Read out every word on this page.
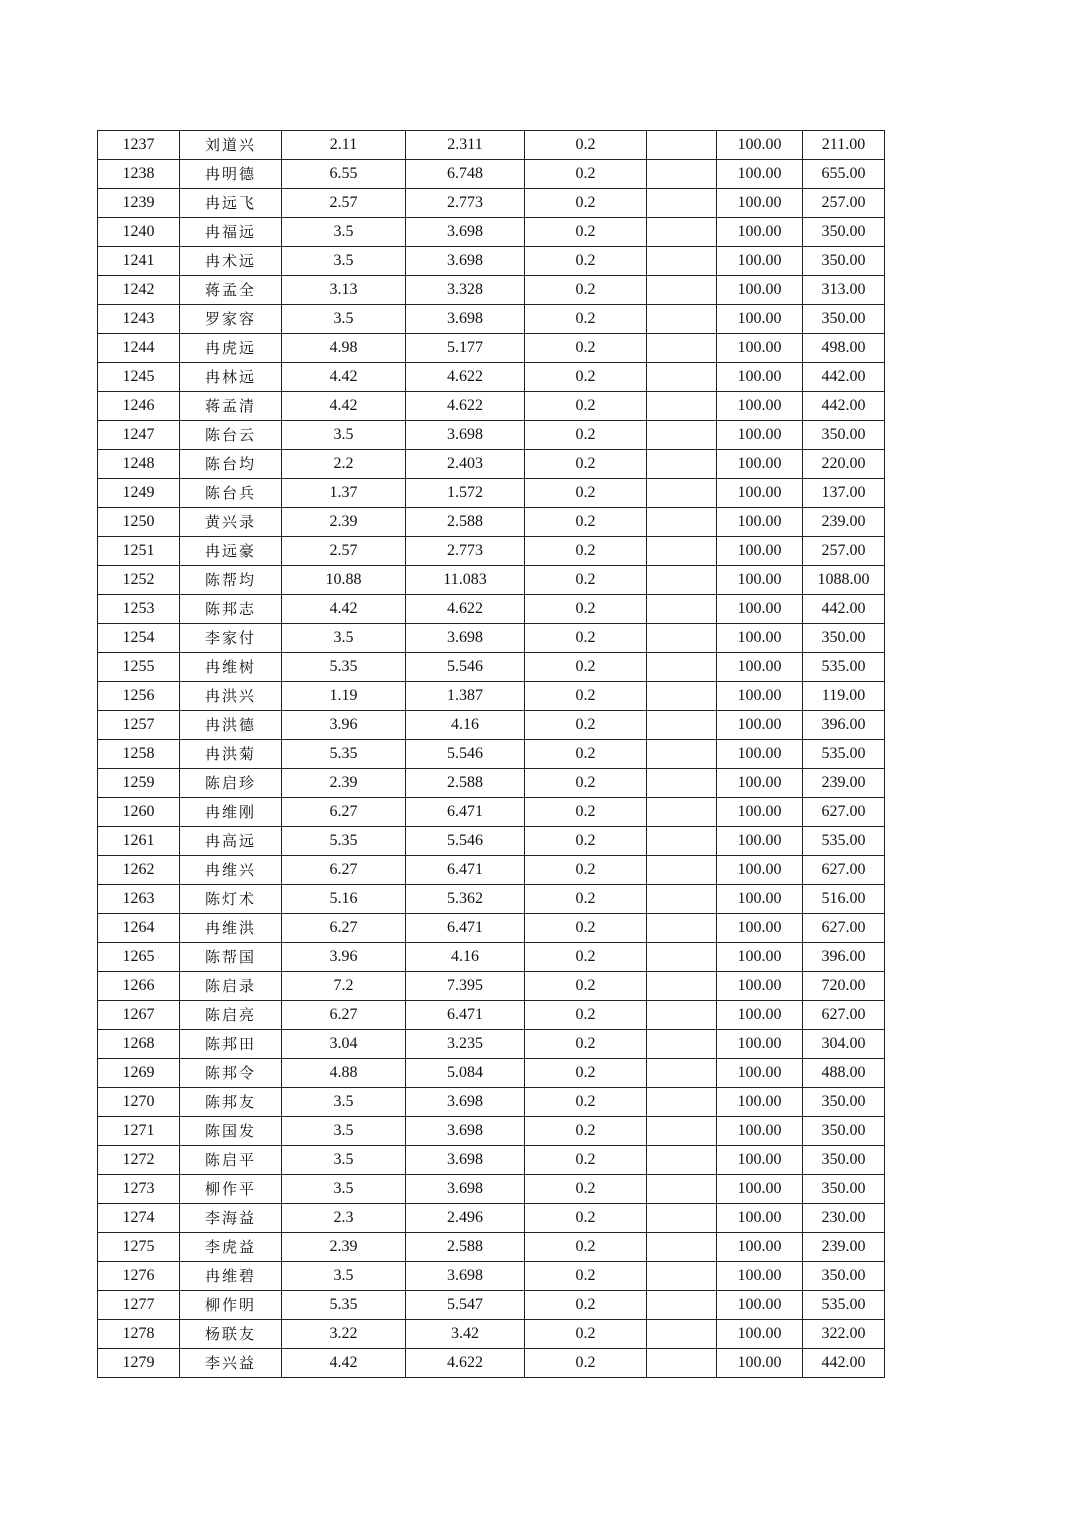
1237	刘道兴	2.11	2.311	0.2		100.00	211.00
1238	冉明德	6.55	6.748	0.2		100.00	655.00
1239	冉远飞	2.57	2.773	0.2		100.00	257.00
1240	冉福远	3.5	3.698	0.2		100.00	350.00
1241	冉术远	3.5	3.698	0.2		100.00	350.00
1242	蒋孟全	3.13	3.328	0.2		100.00	313.00
1243	罗家容	3.5	3.698	0.2		100.00	350.00
1244	冉虎远	4.98	5.177	0.2		100.00	498.00
1245	冉林远	4.42	4.622	0.2		100.00	442.00
1246	蒋孟清	4.42	4.622	0.2		100.00	442.00
1247	陈台云	3.5	3.698	0.2		100.00	350.00
1248	陈台均	2.2	2.403	0.2		100.00	220.00
1249	陈台兵	1.37	1.572	0.2		100.00	137.00
1250	黄兴录	2.39	2.588	0.2		100.00	239.00
1251	冉远豪	2.57	2.773	0.2		100.00	257.00
1252	陈帮均	10.88	11.083	0.2		100.00	1088.00
1253	陈邦志	4.42	4.622	0.2		100.00	442.00
1254	李家付	3.5	3.698	0.2		100.00	350.00
1255	冉维树	5.35	5.546	0.2		100.00	535.00
1256	冉洪兴	1.19	1.387	0.2		100.00	119.00
1257	冉洪德	3.96	4.16	0.2		100.00	396.00
1258	冉洪菊	5.35	5.546	0.2		100.00	535.00
1259	陈启珍	2.39	2.588	0.2		100.00	239.00
1260	冉维刚	6.27	6.471	0.2		100.00	627.00
1261	冉高远	5.35	5.546	0.2		100.00	535.00
1262	冉维兴	6.27	6.471	0.2		100.00	627.00
1263	陈灯术	5.16	5.362	0.2		100.00	516.00
1264	冉维洪	6.27	6.471	0.2		100.00	627.00
1265	陈帮国	3.96	4.16	0.2		100.00	396.00
1266	陈启录	7.2	7.395	0.2		100.00	720.00
1267	陈启亮	6.27	6.471	0.2		100.00	627.00
1268	陈邦田	3.04	3.235	0.2		100.00	304.00
1269	陈邦令	4.88	5.084	0.2		100.00	488.00
1270	陈邦友	3.5	3.698	0.2		100.00	350.00
1271	陈国发	3.5	3.698	0.2		100.00	350.00
1272	陈启平	3.5	3.698	0.2		100.00	350.00
1273	柳作平	3.5	3.698	0.2		100.00	350.00
1274	李海益	2.3	2.496	0.2		100.00	230.00
1275	李虎益	2.39	2.588	0.2		100.00	239.00
1276	冉维碧	3.5	3.698	0.2		100.00	350.00
1277	柳作明	5.35	5.547	0.2		100.00	535.00
1278	杨联友	3.22	3.42	0.2		100.00	322.00
1279	李兴益	4.42	4.622	0.2		100.00	442.00
